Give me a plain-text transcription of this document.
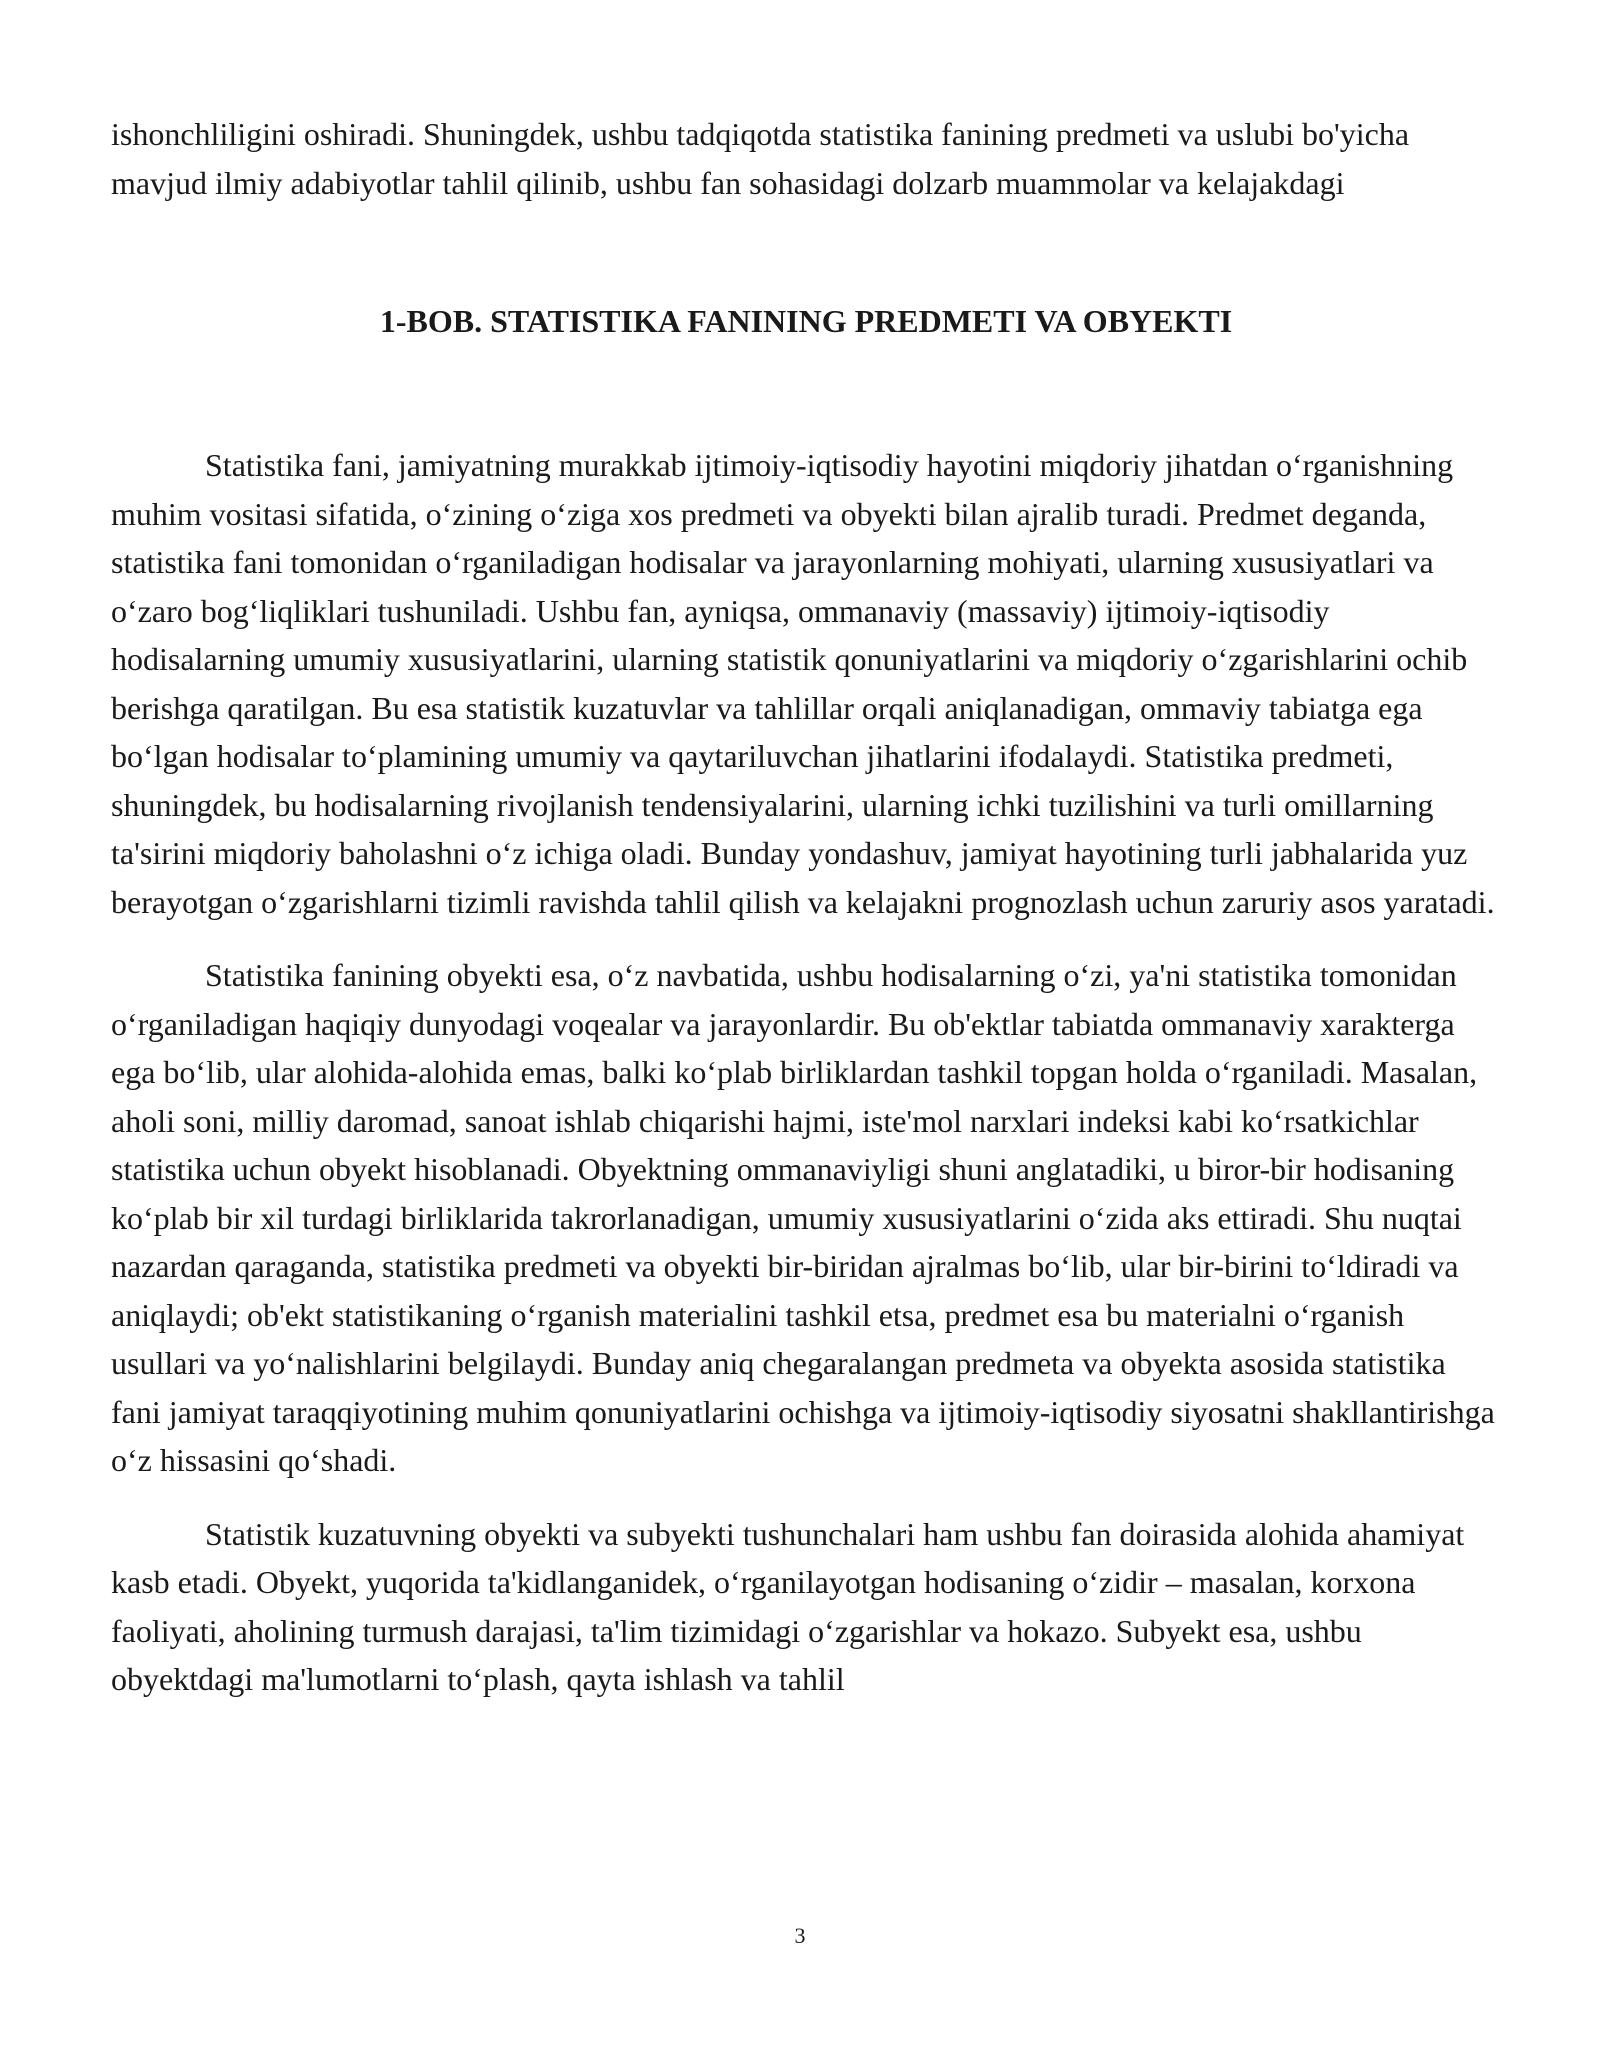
ishonchliligini oshiradi. Shuningdek, ushbu tadqiqotda statistika fanining predmeti va uslubi bo'yicha mavjud ilmiy adabiyotlar tahlil qilinib, ushbu fan sohasidagi dolzarb muammolar va kelajakdagi

1-BOB. STATISTIKA FANINING PREDMETI VA OBYEKTI

Statistika fani, jamiyatning murakkab ijtimoiy-iqtisodiy hayotini miqdoriy jihatdan o‘rganishning muhim vositasi sifatida, o‘zining o‘ziga xos predmeti va obyekti bilan ajralib turadi. Predmet deganda, statistika fani tomonidan o‘rganiladigan hodisalar va jarayonlarning mohiyati, ularning xususiyatlari va o‘zaro bog‘liqliklari tushuniladi. Ushbu fan, ayniqsa, ommanaviy (massaviy) ijtimoiy-iqtisodiy hodisalarning umumiy xususiyatlarini, ularning statistik qonuniyatlarini va miqdoriy o‘zgarishlarini ochib berishga qaratilgan. Bu esa statistik kuzatuvlar va tahlillar orqali aniqlanadigan, ommaviy tabiatga ega bo‘lgan hodisalar to‘plamining umumiy va qaytariluvchan jihatlarini ifodalaydi. Statistika predmeti, shuningdek, bu hodisalarning rivojlanish tendensiyalarini, ularning ichki tuzilishini va turli omillarning ta'sirini miqdoriy baholashni o‘z ichiga oladi. Bunday yondashuv, jamiyat hayotining turli jabhalarida yuz berayotgan o‘zgarishlarni tizimli ravishda tahlil qilish va kelajakni prognozlash uchun zaruriy asos yaratadi.

Statistika fanining obyekti esa, o‘z navbatida, ushbu hodisalarning o‘zi, ya'ni statistika tomonidan o‘rganiladigan haqiqiy dunyodagi voqealar va jarayonlardir. Bu ob'ektlar tabiatda ommanaviy xarakterga ega bo‘lib, ular alohida-alohida emas, balki ko‘plab birliklardan tashkil topgan holda o‘rganiladi. Masalan, aholi soni, milliy daromad, sanoat ishlab chiqarishi hajmi, iste'mol narxlari indeksi kabi ko‘rsatkichlar statistika uchun obyekt hisoblanadi. Obyektning ommanaviyligi shuni anglatadiki, u biror-bir hodisaning ko‘plab bir xil turdagi birliklarida takrorlanadigan, umumiy xususiyatlarini o‘zida aks ettiradi. Shu nuqtai nazardan qaraganda, statistika predmeti va obyekti bir-biridan ajralmas bo‘lib, ular bir-birini to‘ldiradi va aniqlaydi; ob'ekt statistikaning o‘rganish materialini tashkil etsa, predmet esa bu materialni o‘rganish usullari va yo‘nalishlarini belgilaydi. Bunday aniq chegaralangan predmeta va obyekta asosida statistika fani jamiyat taraqqiyotining muhim qonuniyatlarini ochishga va ijtimoiy-iqtisodiy siyosatni shakllantirishga o‘z hissasini qo‘shadi.

Statistik kuzatuvning obyekti va subyekti tushunchalari ham ushbu fan doirasida alohida ahamiyat kasb etadi. Obyekt, yuqorida ta'kidlanganidek, o‘rganilayotgan hodisaning o‘zidir – masalan, korxona faoliyati, aholining turmush darajasi, ta'lim tizimidagi o‘zgarishlar va hokazo. Subyekt esa, ushbu obyektdagi ma'lumotlarni to‘plash, qayta ishlash va tahlil

3
